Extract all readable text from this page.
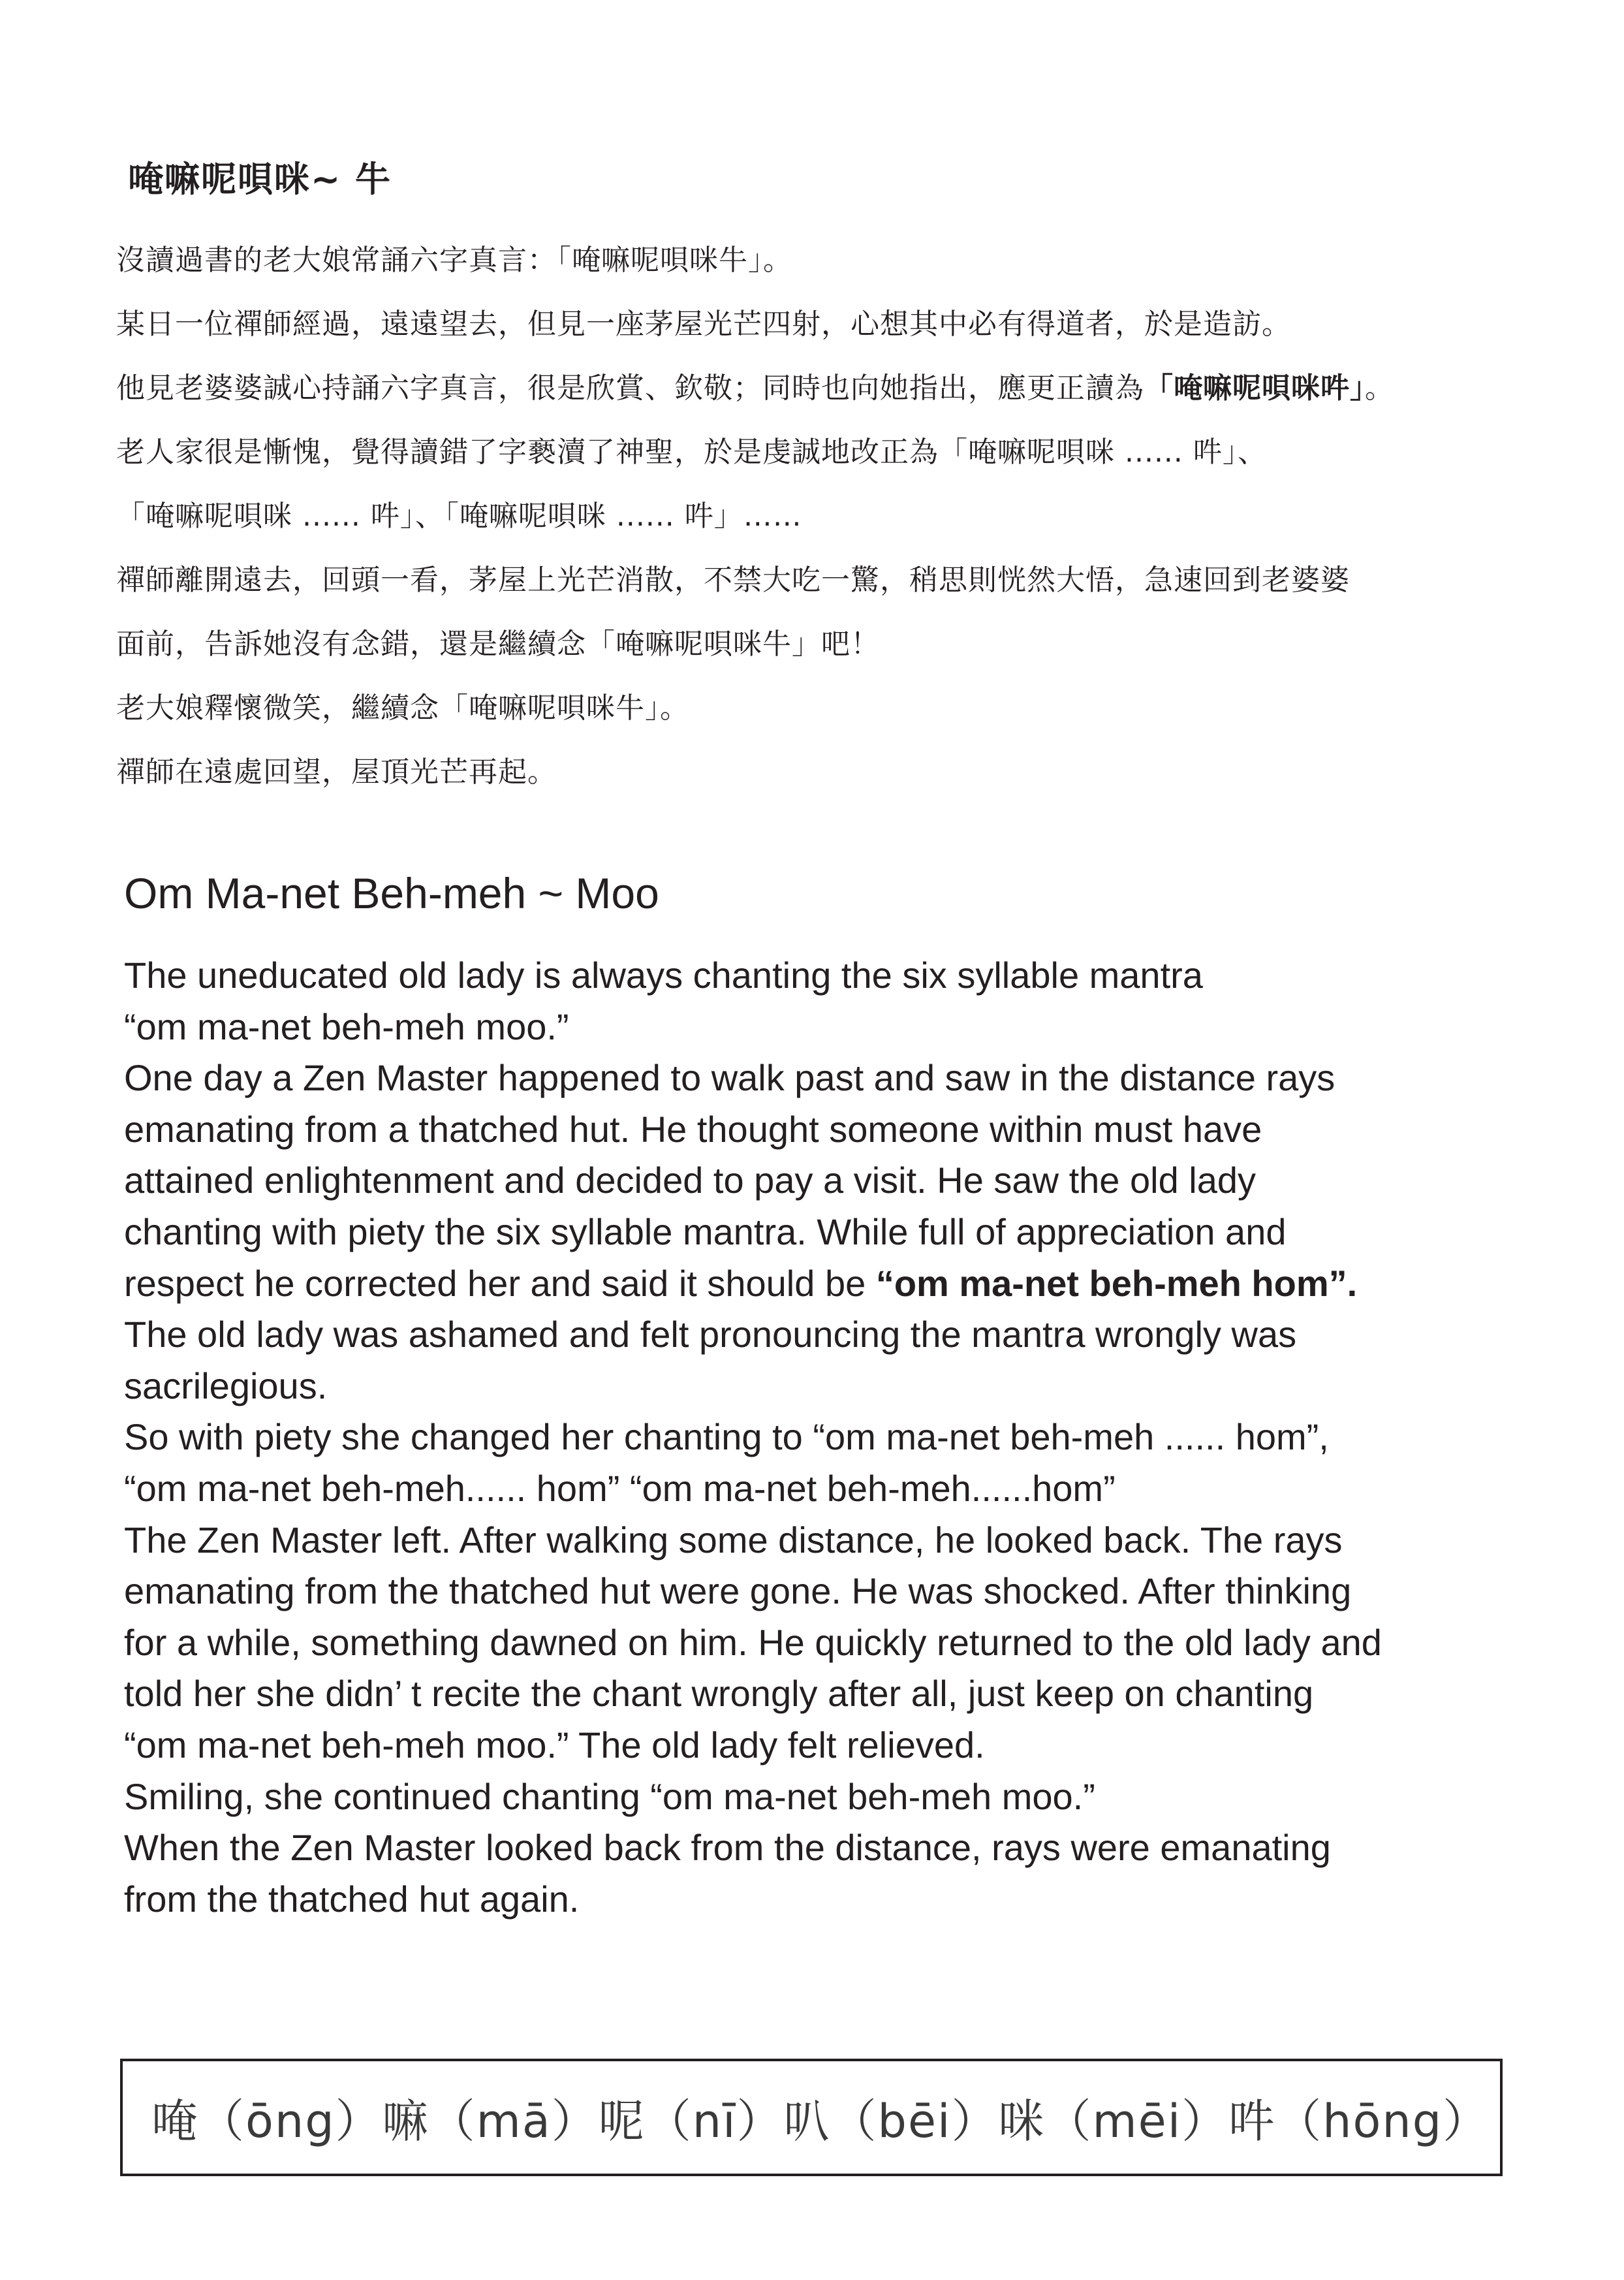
唵嘛呢唄咪~ 牛
沒讀過書的老大娘常誦六字真言：「唵嘛呢唄咪牛」。
某日一位禪師經過，遠遠望去，但見一座茅屋光芒四射，心想其中必有得道者，於是造訪。
他見老婆婆誠心持誦六字真言，很是欣賞、欽敬；同時也向她指出，應更正讀為「唵嘛呢唄咪吽」。
老人家很是慚愧，覺得讀錯了字褻瀆了神聖，於是虔誠地改正為「唵嘛呢唄咪 ...... 吽」、
「唵嘛呢唄咪 ...... 吽」、「唵嘛呢唄咪 ...... 吽」……
禪師離開遠去，回頭一看，茅屋上光芒消散，不禁大吃一驚，稍思則恍然大悟，急速回到老婆婆
面前，告訴她沒有念錯，還是繼續念「唵嘛呢唄咪牛」吧！
老大娘釋懷微笑，繼續念「唵嘛呢唄咪牛」。
禪師在遠處回望，屋頂光芒再起。
Om Ma-net Beh-meh ~ Moo
The uneducated old lady is always chanting the six syllable mantra
“om ma-net beh-meh moo.”
One day a Zen Master happened to walk past and saw in the distance rays
emanating from a thatched hut. He thought someone within must have
attained enlightenment and decided to pay a visit. He saw the old lady
chanting with piety the six syllable mantra. While full of appreciation and
respect he corrected her and said it should be “om ma-net beh-meh hom”.
The old lady was ashamed and felt pronouncing the mantra wrongly was
sacrilegious.
So with piety she changed her chanting to “om ma-net beh-meh ...... hom”,
“om ma-net beh-meh...... hom” “om ma-net beh-meh......hom”
The Zen Master left. After walking some distance, he looked back. The rays
emanating from the thatched hut were gone. He was shocked. After thinking
for a while, something dawned on him. He quickly returned to the old lady and
told her she didn’ t recite the chant wrongly after all, just keep on chanting
“om ma-net beh-meh moo.” The old lady felt relieved.
Smiling, she continued chanting “om ma-net beh-meh moo.”
When the Zen Master looked back from the distance, rays were emanating
from the thatched hut again.
唵（ōng）嘛（mā）呢（nī）叭（bēi）咪（mēi）吽（hōng）
